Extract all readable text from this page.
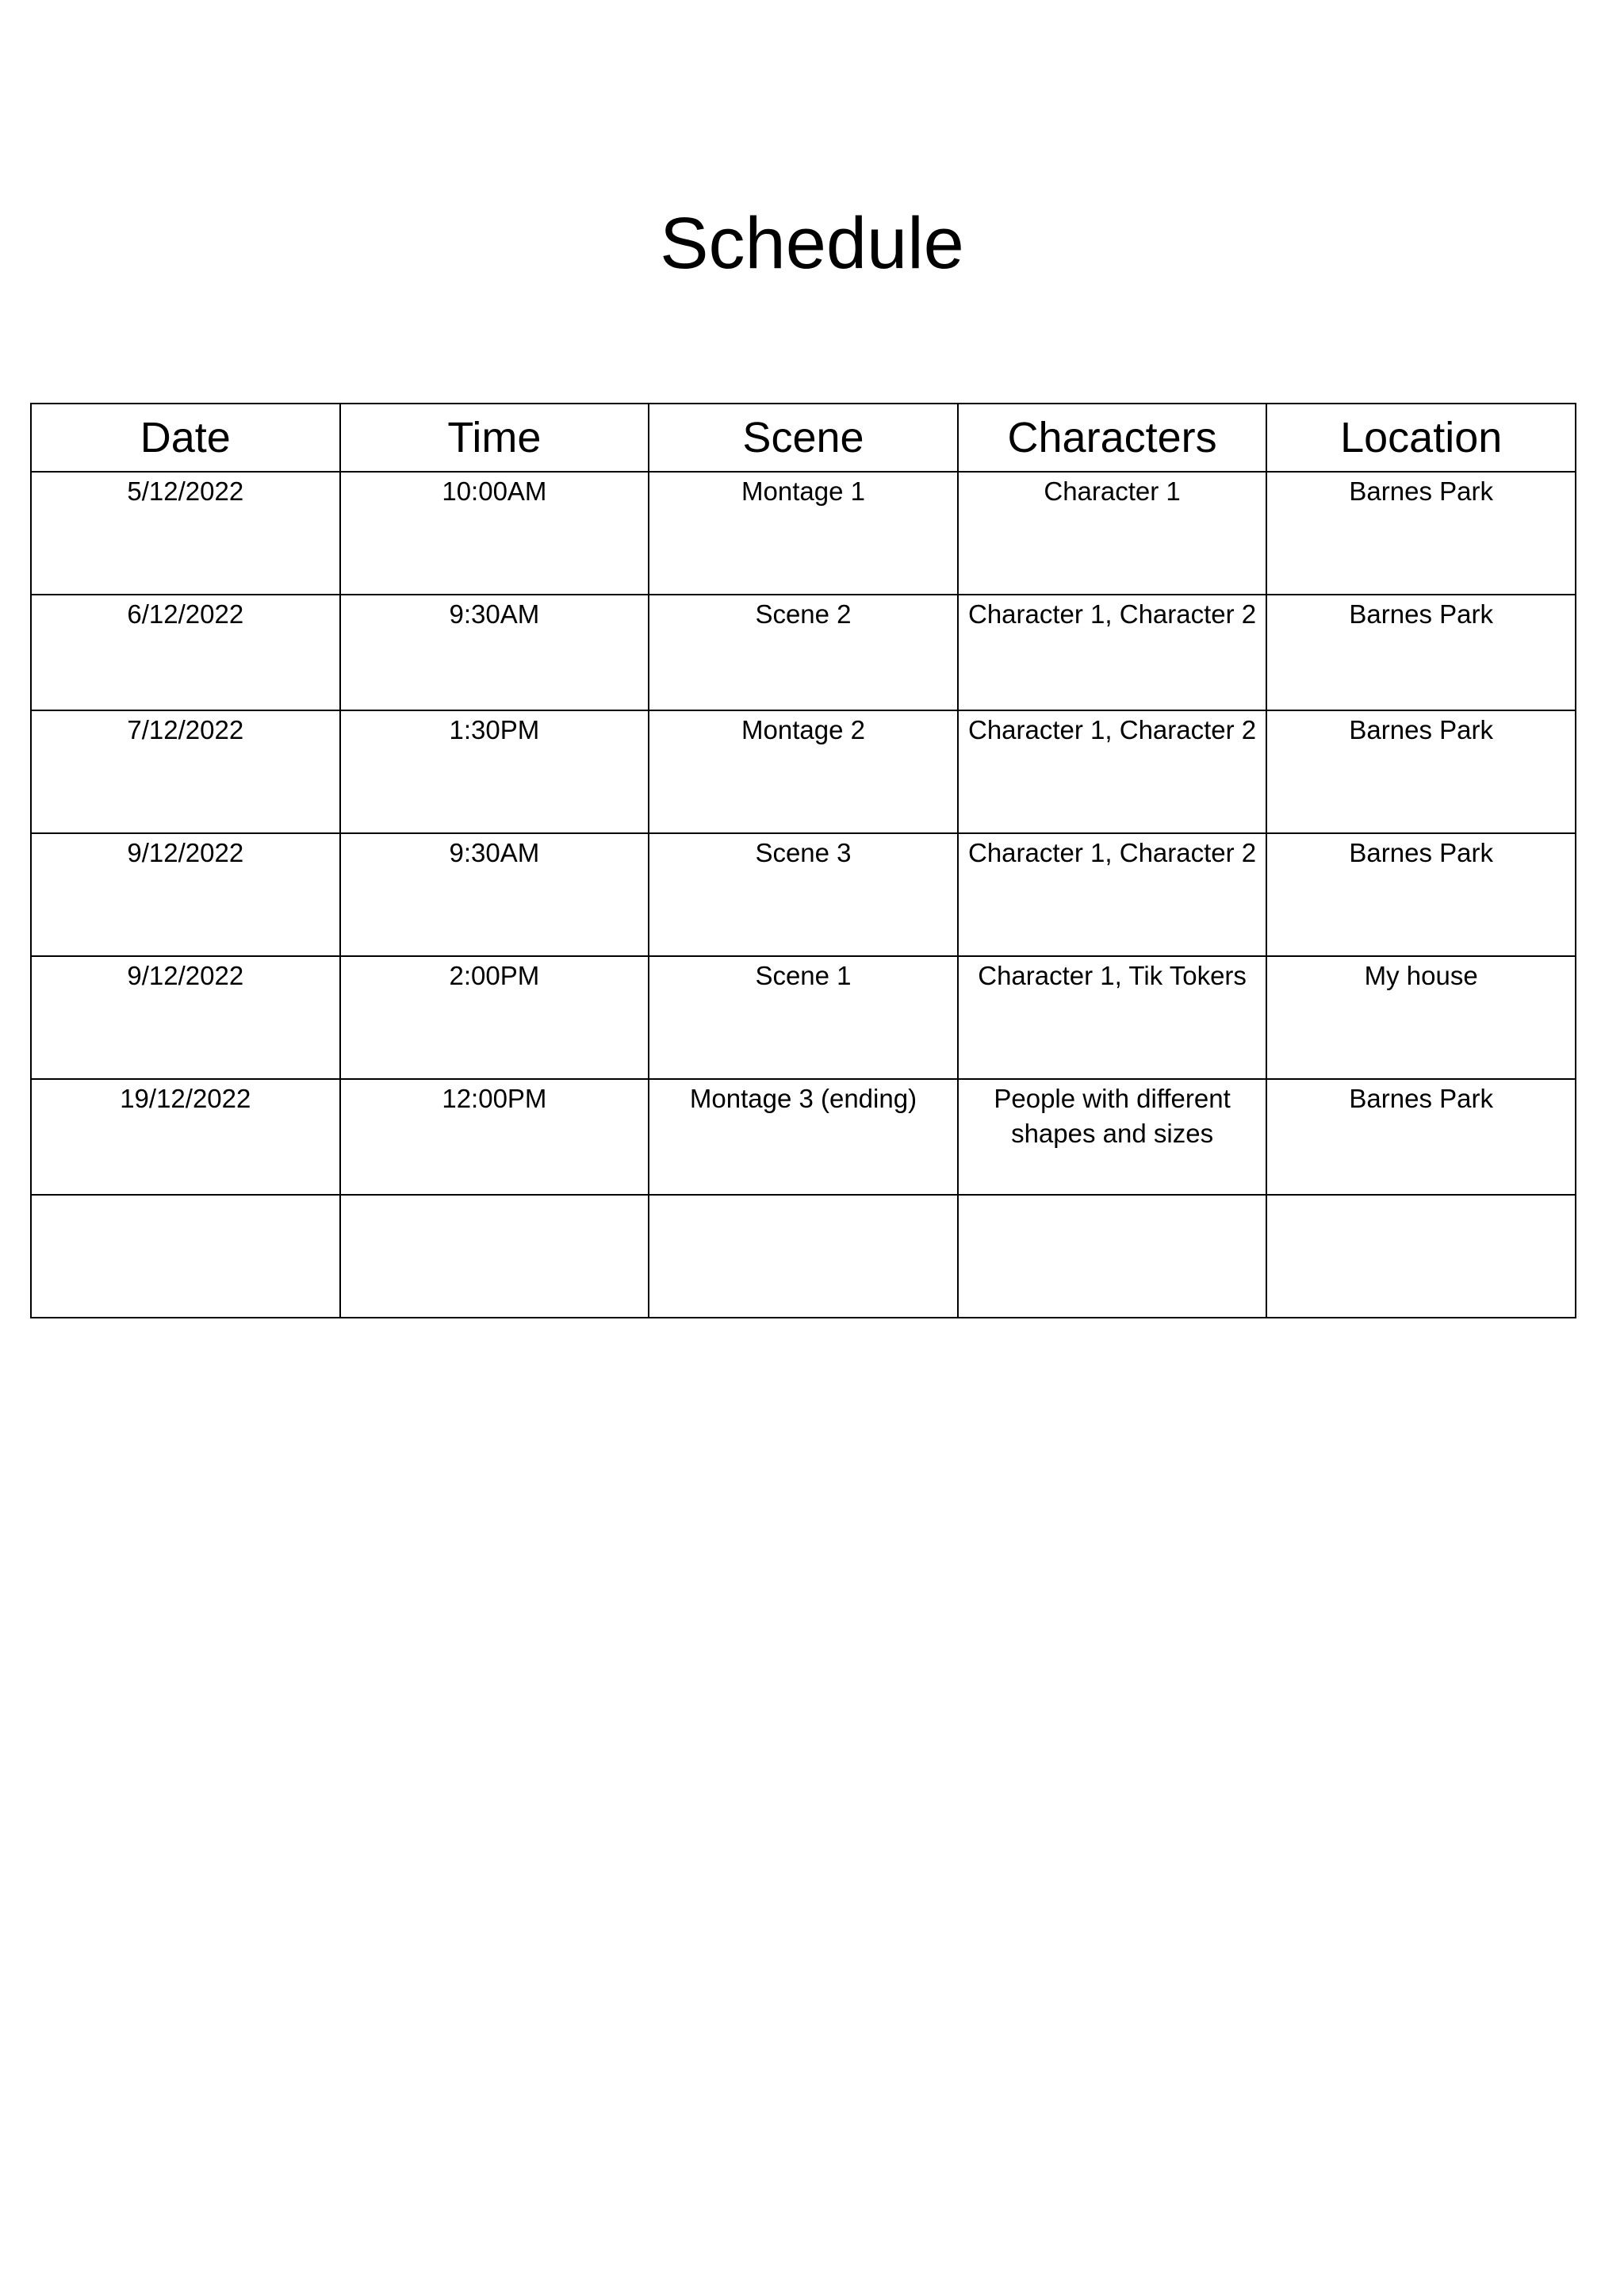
Schedule
Date	Time	Scene	Characters	Location
5/12/2022	10:00AM	Montage 1	Character 1	Barnes Park
6/12/2022	9:30AM	Scene 2	Character 1, Character 2	Barnes Park
7/12/2022	1:30PM	Montage 2	Character 1, Character 2	Barnes Park
9/12/2022	9:30AM	Scene 3	Character 1, Character 2	Barnes Park
9/12/2022	2:00PM	Scene 1	Character 1, Tik Tokers	My house
19/12/2022	12:00PM	Montage 3 (ending)	People with different shapes and sizes	Barnes Park
